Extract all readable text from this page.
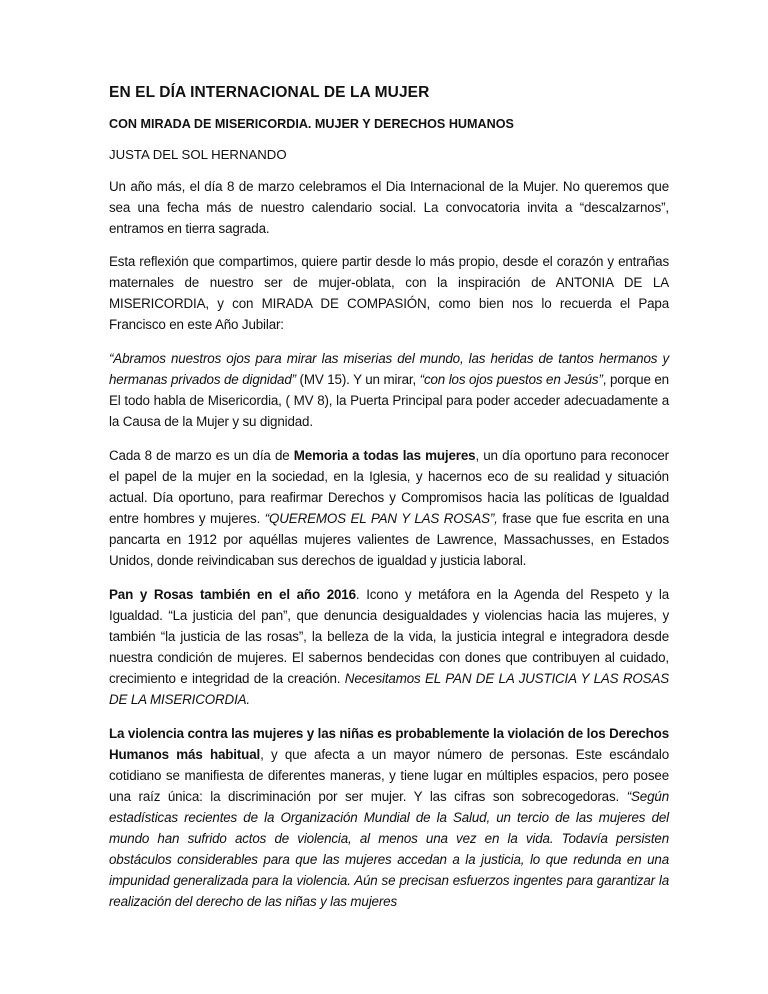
EN EL DÍA INTERNACIONAL DE LA MUJER
CON MIRADA DE MISERICORDIA. MUJER Y DERECHOS HUMANOS
JUSTA DEL SOL HERNANDO

Un año más, el día 8 de marzo celebramos el Dia Internacional de la Mujer. No queremos que sea una fecha más de nuestro calendario social. La convocatoria invita a “descalzarnos”, entramos en tierra sagrada.

Esta reflexión que compartimos, quiere partir desde lo más propio, desde el corazón y entrañas maternales de nuestro ser de mujer-oblata, con la inspiración de ANTONIA DE LA MISERICORDIA, y con MIRADA DE COMPASIÓN, como bien nos lo recuerda el Papa Francisco en este Año Jubilar:

“Abramos nuestros ojos para mirar las miserias del mundo, las heridas de tantos hermanos y hermanas privados de dignidad” (MV 15). Y un mirar, “con los ojos puestos en Jesús”, porque en El todo habla de Misericordia, ( MV 8), la Puerta Principal para poder acceder adecuadamente a la Causa de la Mujer y su dignidad.

Cada 8 de marzo es un día de Memoria a todas las mujeres, un día oportuno para reconocer el papel de la mujer en la sociedad, en la Iglesia, y hacernos eco de su realidad y situación actual. Día oportuno, para reafirmar Derechos y Compromisos hacia las políticas de Igualdad entre hombres y mujeres. “QUEREMOS EL PAN Y LAS ROSAS”, frase que fue escrita en una pancarta en 1912 por aquéllas mujeres valientes de Lawrence, Massachusses, en Estados Unidos, donde reivindicaban sus derechos de igualdad y justicia laboral.

Pan y Rosas también en el año 2016. Icono y metáfora en la Agenda del Respeto y la Igualdad. “La justicia del pan”, que denuncia desigualdades y violencias hacia las mujeres, y también “la justicia de las rosas”, la belleza de la vida, la justicia integral e integradora desde nuestra condición de mujeres. El sabernos bendecidas con dones que contribuyen al cuidado, crecimiento e integridad de la creación. Necesitamos EL PAN DE LA JUSTICIA Y LAS ROSAS DE LA MISERICORDIA.

La violencia contra las mujeres y las niñas es probablemente la violación de los Derechos Humanos más habitual, y que afecta a un mayor número de personas. Este escándalo cotidiano se manifiesta de diferentes maneras, y tiene lugar en múltiples espacios, pero posee una raíz única: la discriminación por ser mujer. Y las cifras son sobrecogedoras. “Según estadísticas recientes de la Organización Mundial de la Salud, un tercio de las mujeres del mundo han sufrido actos de violencia, al menos una vez en la vida. Todavía persisten obstáculos considerables para que las mujeres accedan a la justicia, lo que redunda en una impunidad generalizada para la violencia. Aún se precisan esfuerzos ingentes para garantizar la realización del derecho de las niñas y las mujeres
